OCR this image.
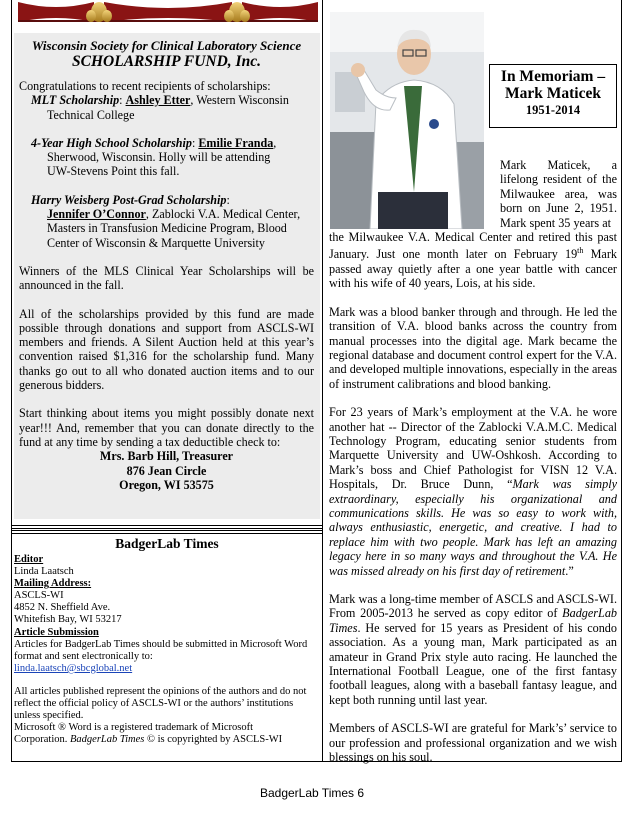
Wisconsin Society for Clinical Laboratory Science
SCHOLARSHIP FUND, Inc.
Congratulations to recent recipients of scholarships:
MLT Scholarship: Ashley Etter, Western Wisconsin
Technical College
4-Year High School Scholarship: Emilie Franda,
Sherwood, Wisconsin. Holly will be attending
UW-Stevens Point this fall.
Harry Weisberg Post-Grad Scholarship:
Jennifer O’Connor, Zablocki V.A. Medical Center,
Masters in Transfusion Medicine Program, Blood
Center of Wisconsin & Marquette University

Winners of the MLS Clinical Year Scholarships will be announced in the fall.

All of the scholarships provided by this fund are made possible through donations and support from ASCLS-WI members and friends. A Silent Auction held at this year’s convention raised $1,316 for the scholarship fund. Many thanks go out to all who donated auction items and to our generous bidders.

Start thinking about items you might possibly donate next year!!! And, remember that you can donate directly to the fund at any time by sending a tax deductible check to:

Mrs. Barb Hill, Treasurer
876 Jean Circle
Oregon, WI 53575
BadgerLab Times
Editor
Linda Laatsch
Mailing Address:
ASCLS-WI
4852 N. Sheffield Ave.
Whitefish Bay, WI 53217
Article Submission
Articles for BadgerLab Times should be submitted in Microsoft Word format and sent electronically to:
linda.laatsch@sbcglobal.net
All articles published represent the opinions of the authors and do not reflect the official policy of ASCLS-WI or the authors’ institutions unless specified.
Microsoft ® Word is a registered trademark of Microsoft
Corporation. BadgerLab Times © is copyrighted by ASCLS-WI
In Memoriam –
Mark Maticek
1951-2014
Mark Maticek, a lifelong resident of the Milwaukee area, was born on June 2, 1951. Mark spent 35 years at

the Milwaukee V.A. Medical Center and retired this past January. Just one month later on February 19th Mark passed away quietly after a one year battle with cancer with his wife of 40 years, Lois, at his side.

Mark was a blood banker through and through. He led the transition of V.A. blood banks across the country from manual processes into the digital age. Mark became the regional database and document control expert for the V.A. and developed multiple innovations, especially in the areas of instrument calibrations and blood banking.

For 23 years of Mark’s employment at the V.A. he wore another hat -- Director of the Zablocki V.A.M.C. Medical Technology Program, educating senior students from Marquette University and UW-Oshkosh. According to Mark’s boss and Chief Pathologist for VISN 12 V.A. Hospitals, Dr. Bruce Dunn, “Mark was simply extraordinary, especially his organizational and communications skills. He was so easy to work with, always enthusiastic, energetic, and creative. I had to replace him with two people. Mark has left an amazing legacy here in so many ways and throughout the V.A. He was missed already on his first day of retirement.”

Mark was a long-time member of ASCLS and ASCLS-WI. From 2005-2013 he served as copy editor of BadgerLab Times. He served for 15 years as President of his condo association. As a young man, Mark participated as an amateur in Grand Prix style auto racing. He launched the International Football League, one of the first fantasy football leagues, along with a baseball fantasy league, and kept both running until last year.

Members of ASCLS-WI are grateful for Mark’s’ service to our profession and professional organization and we wish blessings on his soul.

BadgerLab Times 6
